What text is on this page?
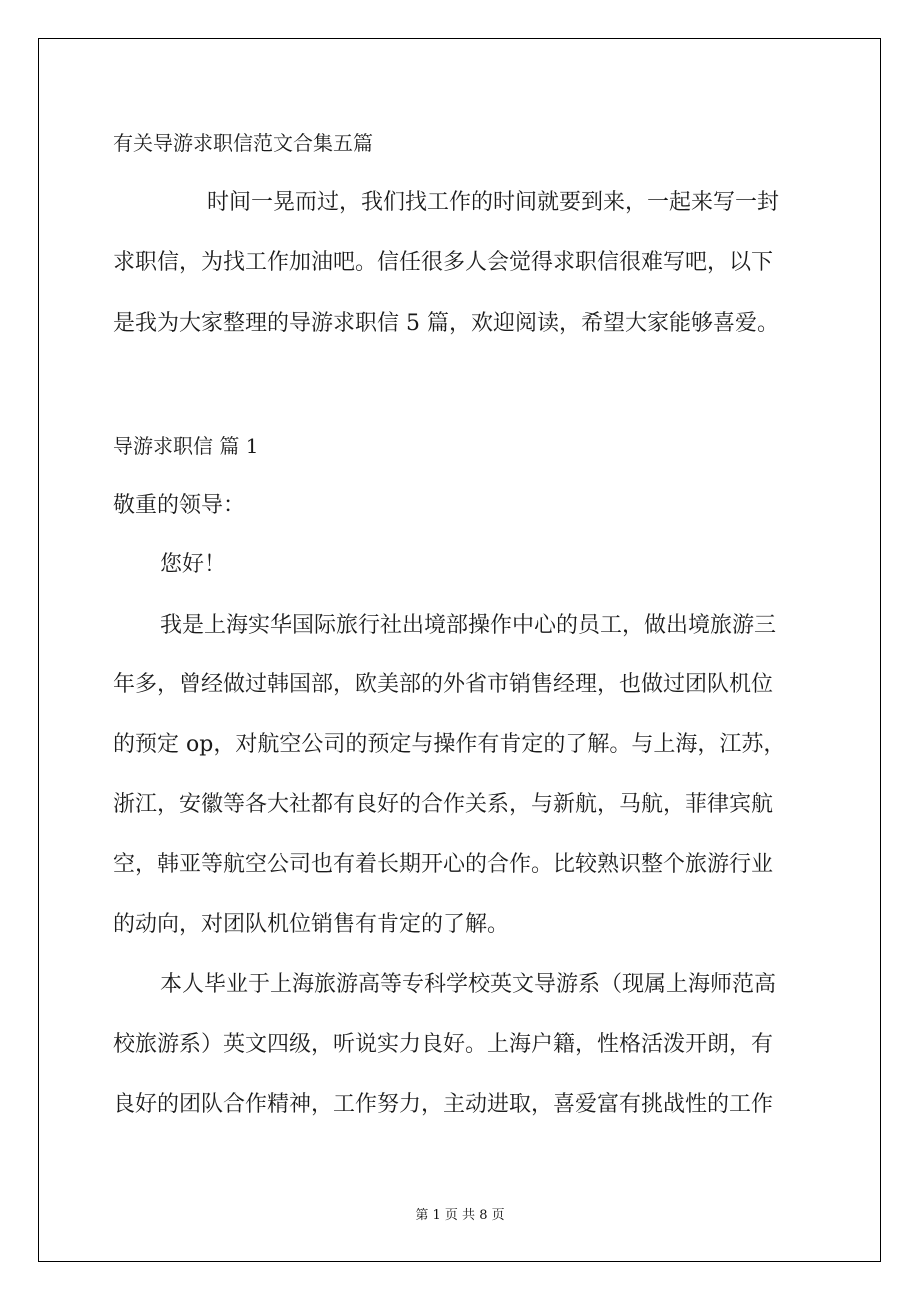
有关导游求职信范文合集五篇
时间一晃而过，我们找工作的时间就要到来，一起来写一封
求职信，为找工作加油吧。信任很多人会觉得求职信很难写吧，以下
是我为大家整理的导游求职信 5 篇，欢迎阅读，希望大家能够喜爱。
导游求职信 篇 1
敬重的领导：
您好！
我是上海实华国际旅行社出境部操作中心的员工，做出境旅游三
年多，曾经做过韩国部，欧美部的外省市销售经理，也做过团队机位
的预定 op，对航空公司的预定与操作有肯定的了解。与上海，江苏，
浙江，安徽等各大社都有良好的合作关系，与新航，马航，菲律宾航
空，韩亚等航空公司也有着长期开心的合作。比较熟识整个旅游行业
的动向，对团队机位销售有肯定的了解。
本人毕业于上海旅游高等专科学校英文导游系（现属上海师范高
校旅游系）英文四级，听说实力良好。上海户籍，性格活泼开朗，有
良好的团队合作精神，工作努力，主动进取，喜爱富有挑战性的工作
第 1 页 共 8 页
